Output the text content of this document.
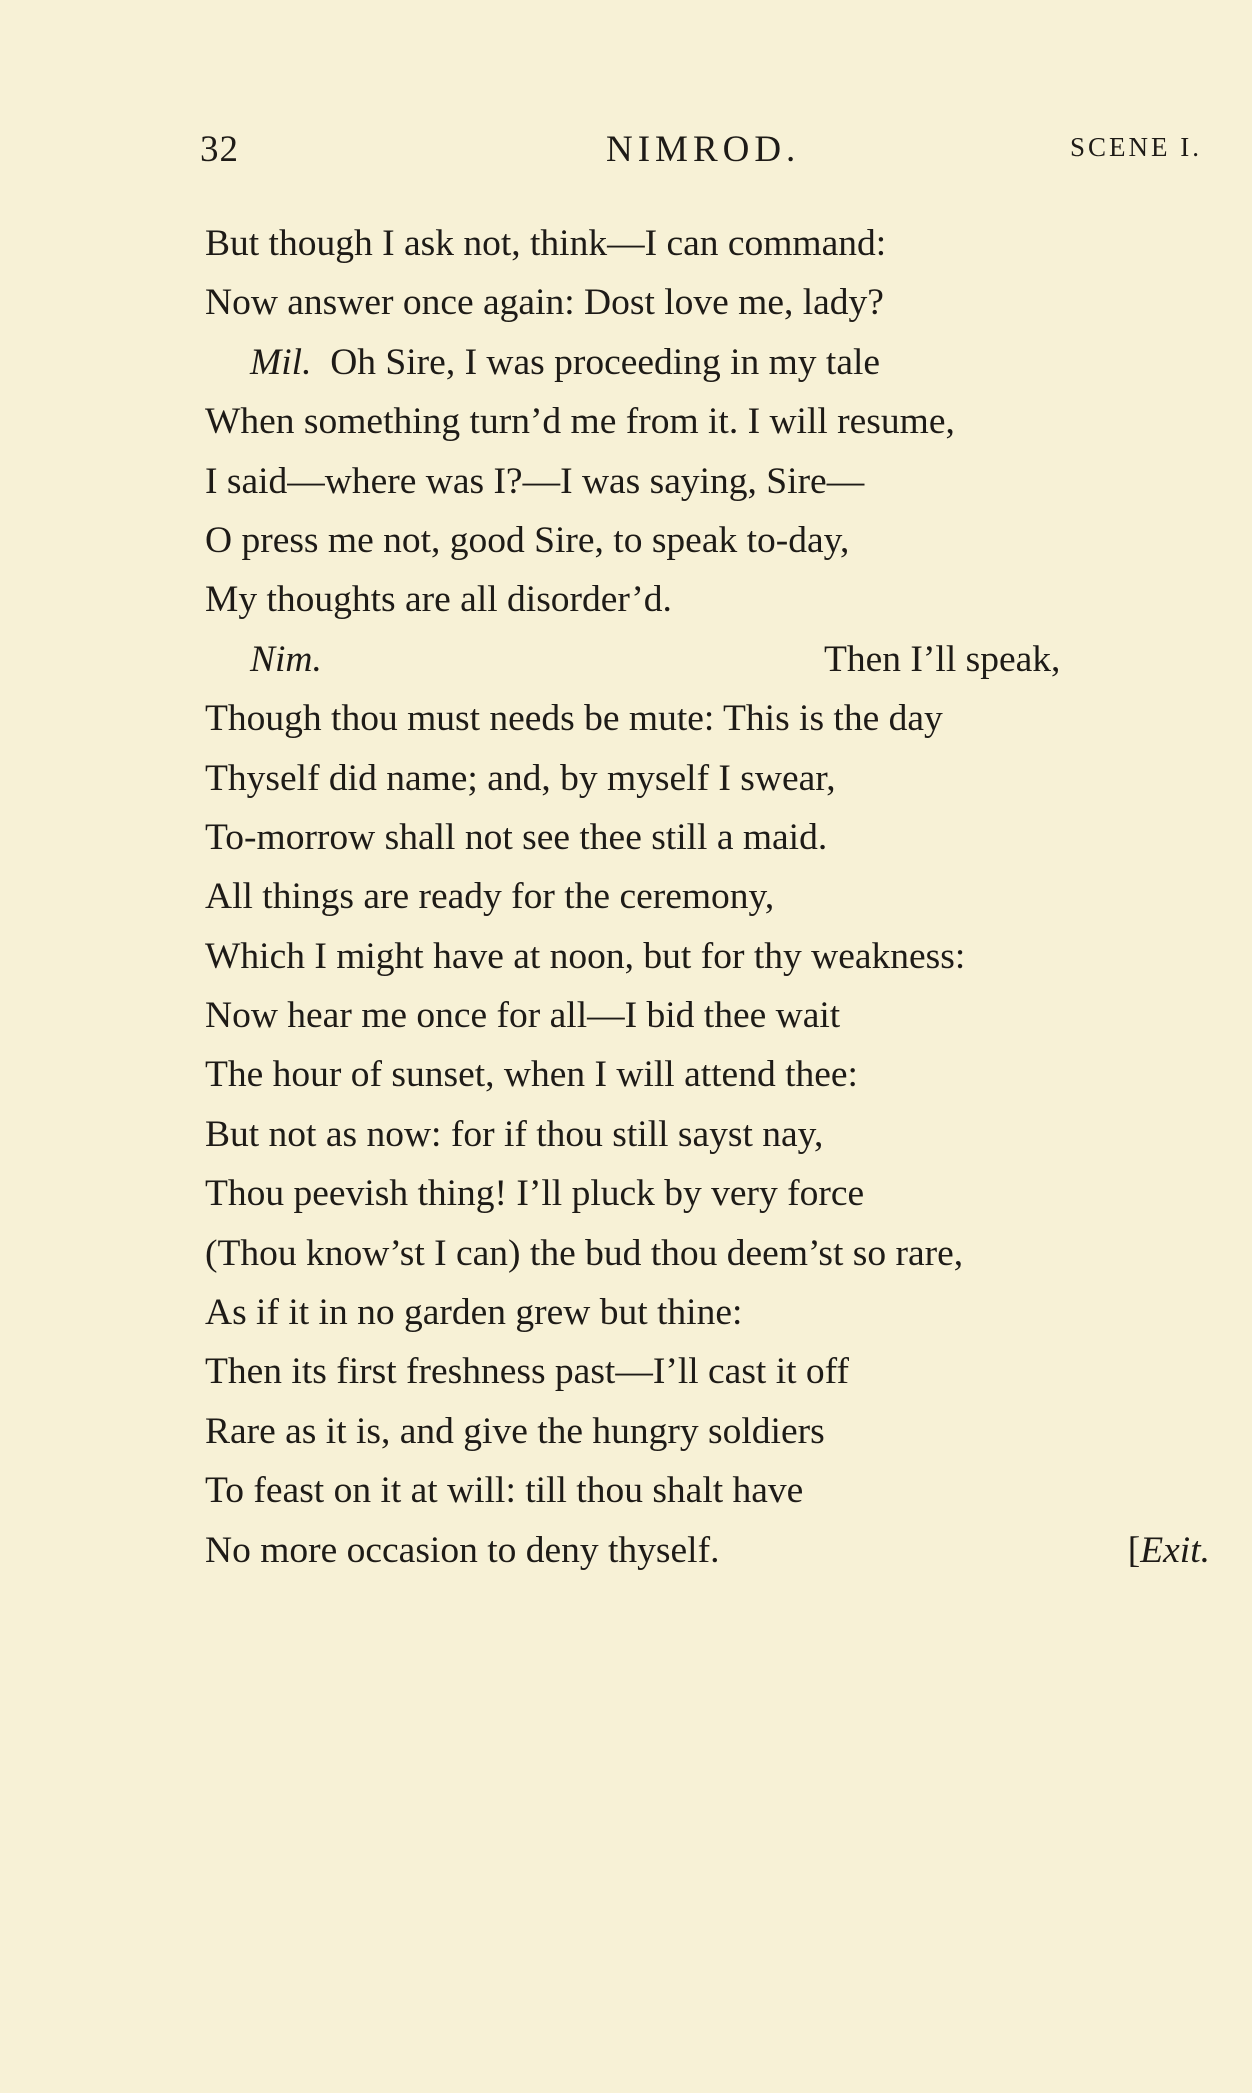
32	NIMROD.	SCENE I.
But though I ask not, think—I can command:
Now answer once again: Dost love me, lady?
Mil. Oh Sire, I was proceeding in my tale
When something turn’d me from it. I will resume,
I said—where was I?—I was saying, Sire—
O press me not, good Sire, to speak to-day,
My thoughts are all disorder’d.
Nim.	Then I’ll speak,
Though thou must needs be mute: This is the day
Thyself did name; and, by myself I swear,
To-morrow shall not see thee still a maid.
All things are ready for the ceremony,
Which I might have at noon, but for thy weakness:
Now hear me once for all—I bid thee wait
The hour of sunset, when I will attend thee:
But not as now: for if thou still sayst nay,
Thou peevish thing! I’ll pluck by very force
(Thou know’st I can) the bud thou deem’st so rare,
As if it in no garden grew but thine:
Then its first freshness past—I’ll cast it off
Rare as it is, and give the hungry soldiers
To feast on it at will: till thou shalt have
No more occasion to deny thyself.	[Exit.
